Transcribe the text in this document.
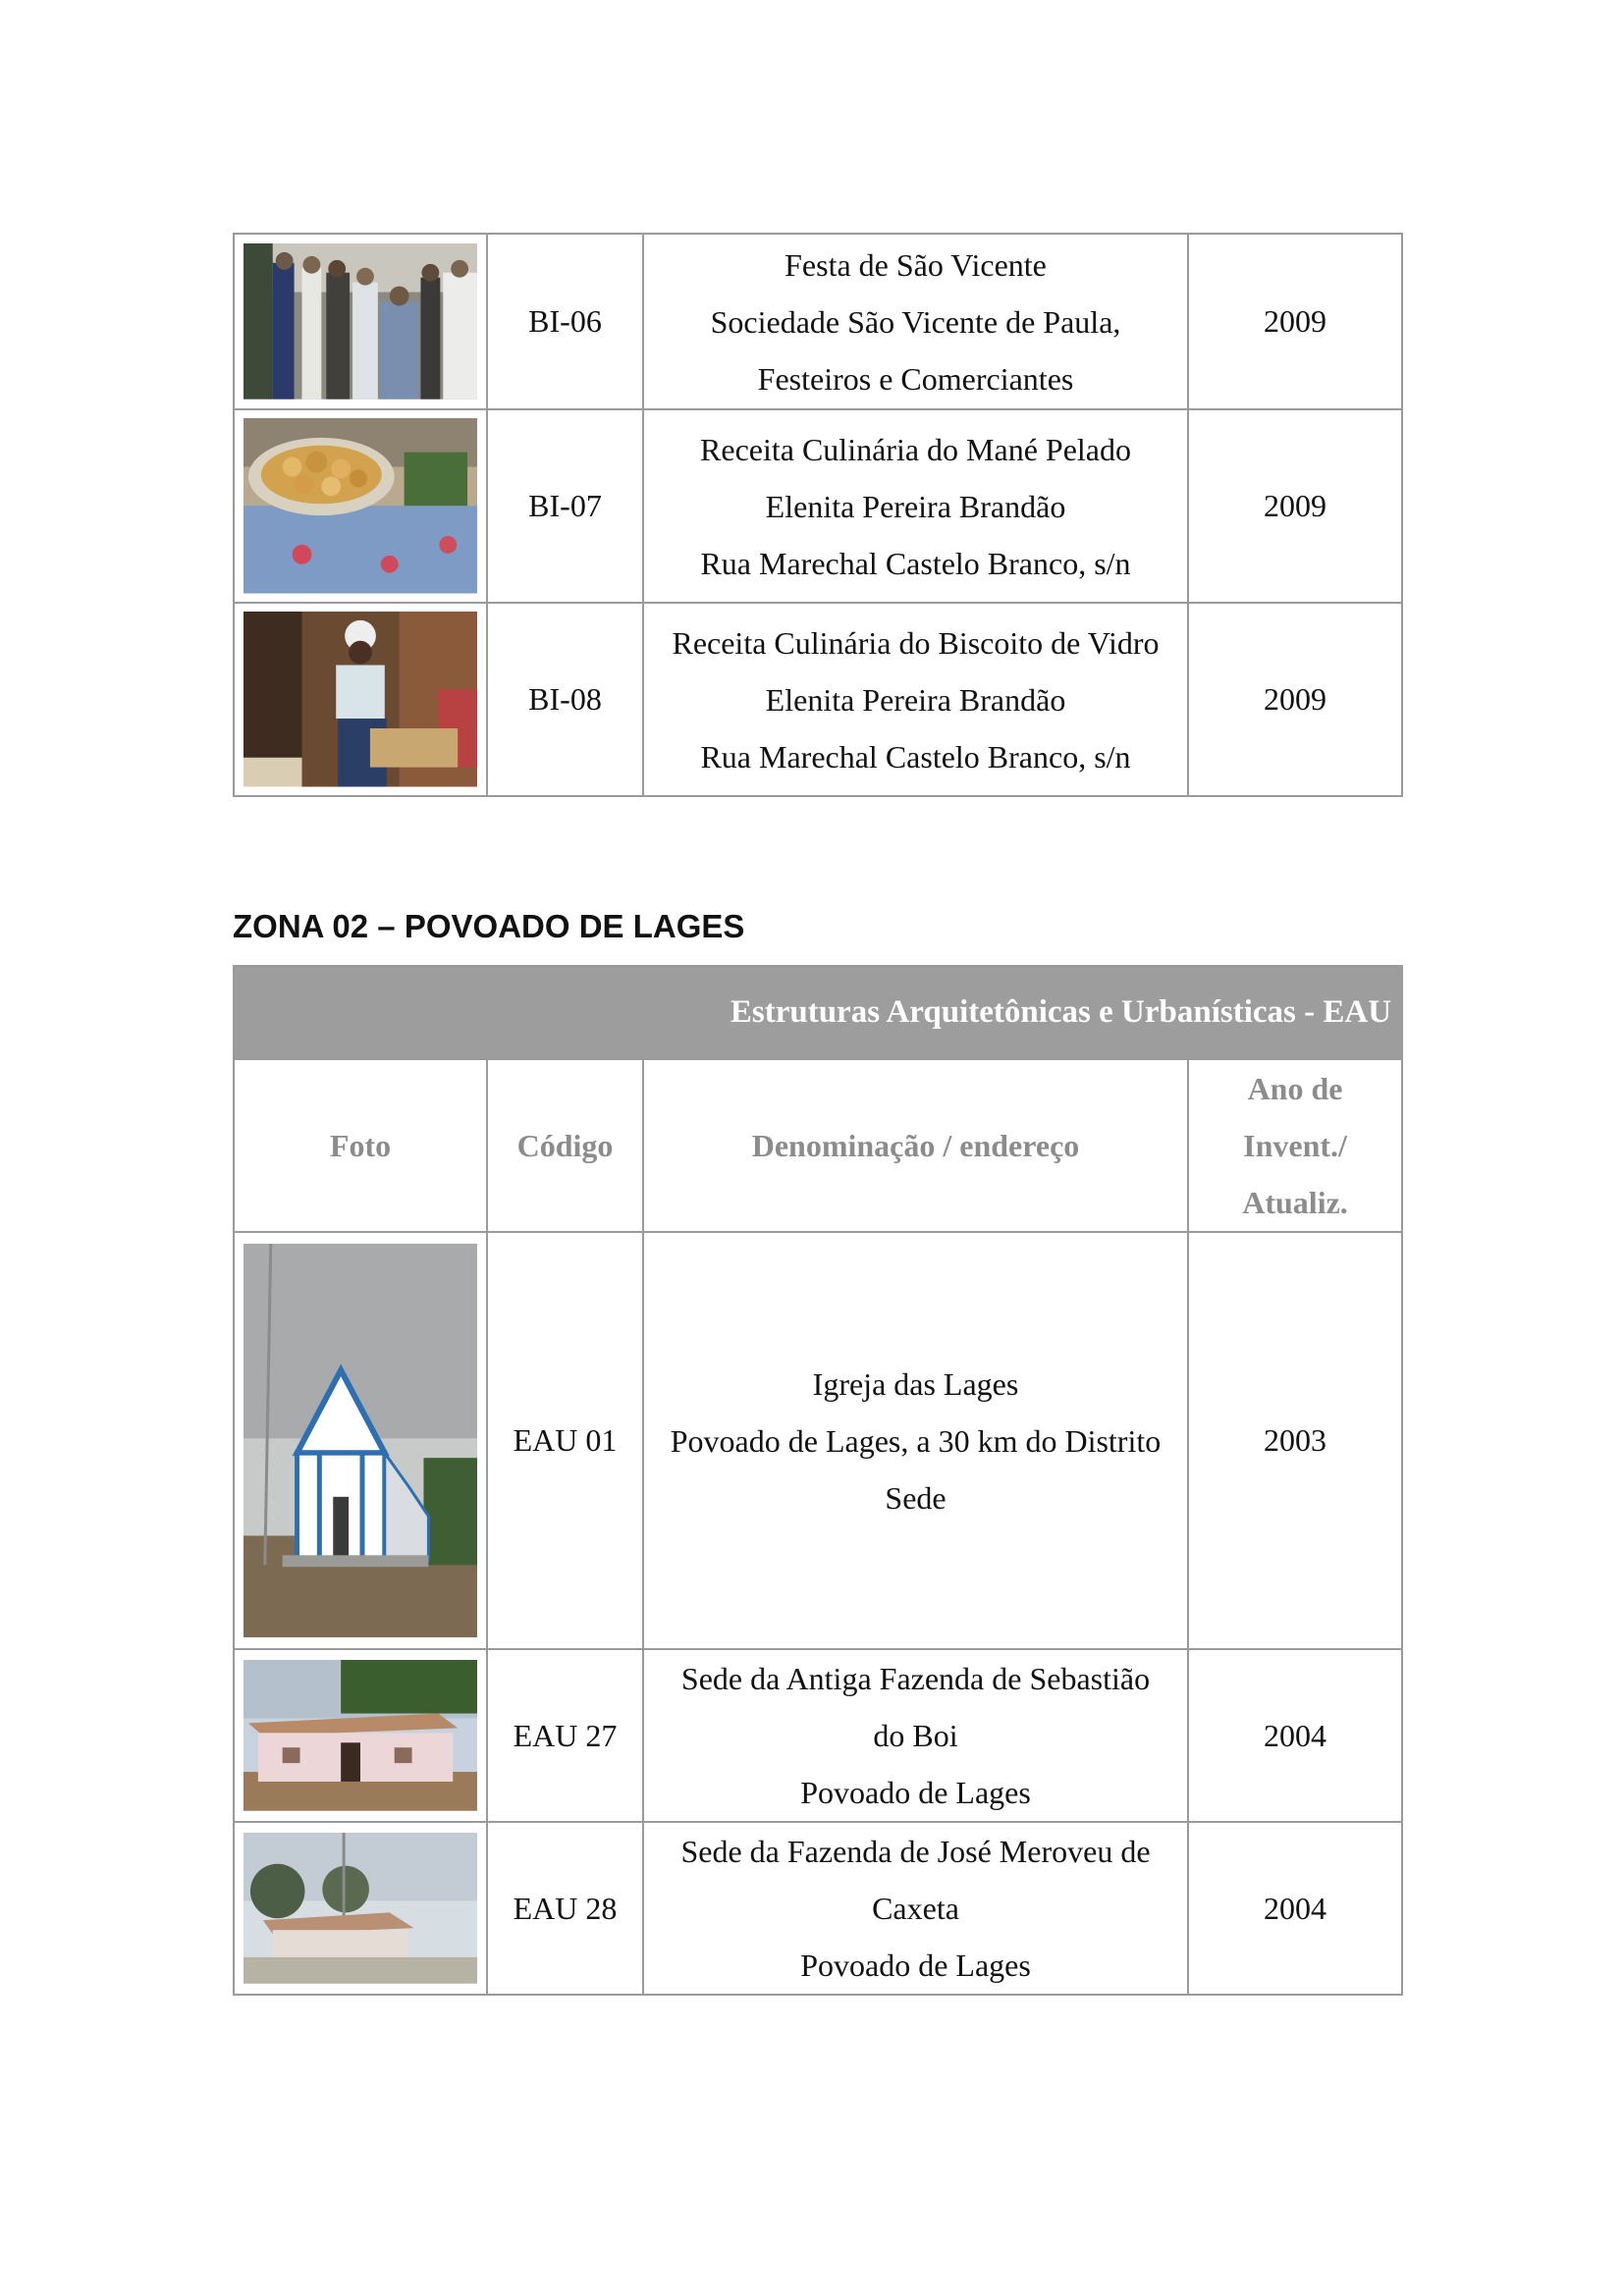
	BI-06	Festa de São Vicente
Sociedade São Vicente de Paula,
Festeiros e Comerciantes	2009

	BI-07	Receita Culinária do Mané Pelado
Elenita Pereira Brandão
Rua Marechal Castelo Branco, s/n	2009

	BI-08	Receita Culinária do Biscoito de Vidro
Elenita Pereira Brandão
Rua Marechal Castelo Branco, s/n	2009
ZONA 02 – POVOADO DE LAGES
Estruturas Arquitetônicas e Urbanísticas - EAU			
Foto	Código	Denominação / endereço	Ano de
Invent./
Atualiz.

	EAU 01	Igreja das Lages
Povoado de Lages, a 30 km do Distrito
Sede	2003

	EAU 27	Sede da Antiga Fazenda de Sebastião
do Boi
Povoado de Lages	2004

	EAU 28	Sede da Fazenda de José Meroveu de
Caxeta
Povoado de Lages	2004
